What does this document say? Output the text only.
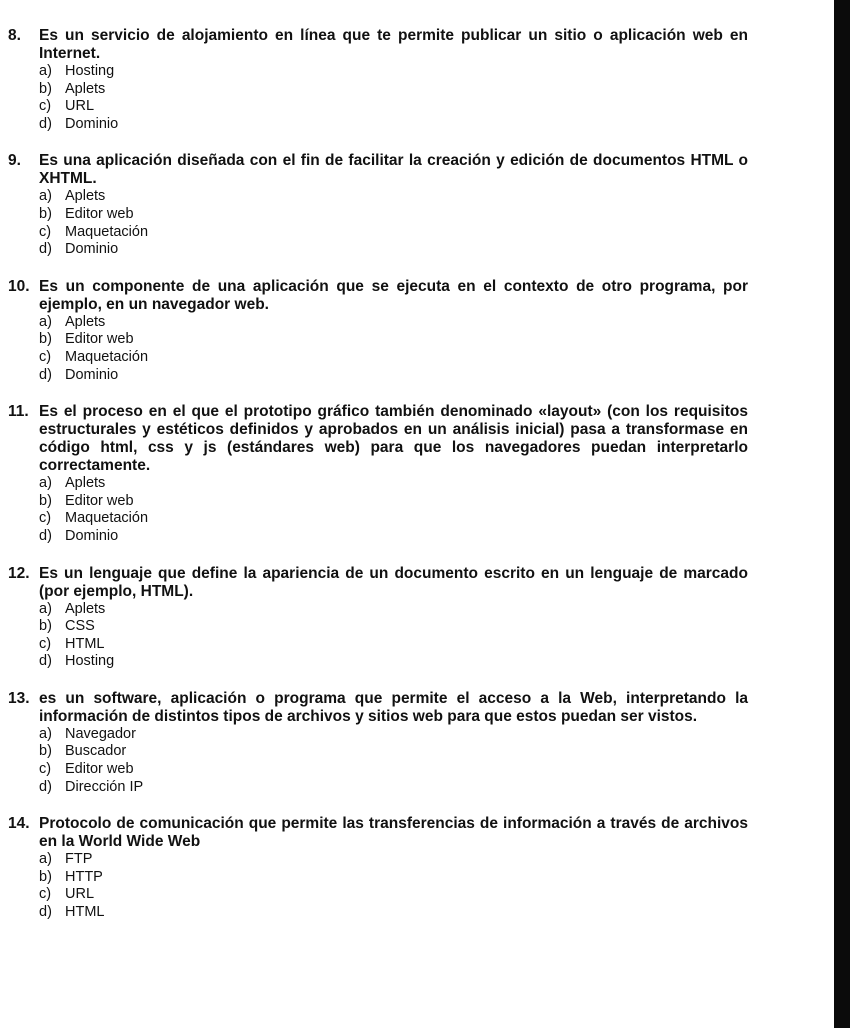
8.	Es un servicio de alojamiento en línea que te permite publicar un sitio o aplicación web en Internet.
a) Hosting
b) Aplets
c) URL
d) Dominio
9.	Es una aplicación diseñada con el fin de facilitar la creación y edición de documentos HTML o XHTML.
a) Aplets
b) Editor web
c) Maquetación
d) Dominio
10. Es un componente de una aplicación que se ejecuta en el contexto de otro programa, por ejemplo, en un navegador web.
a) Aplets
b) Editor web
c) Maquetación
d) Dominio
11. Es el proceso en el que el prototipo gráfico también denominado «layout» (con los requisitos estructurales y estéticos definidos y aprobados en un análisis inicial) pasa a transformase en código html, css y js (estándares web) para que los navegadores puedan interpretarlo correctamente.
a) Aplets
b) Editor web
c) Maquetación
d) Dominio
12. Es un lenguaje que define la apariencia de un documento escrito en un lenguaje de marcado (por ejemplo, HTML).
a) Aplets
b) CSS
c) HTML
d) Hosting
13. es un software, aplicación o programa que permite el acceso a la Web, interpretando la información de distintos tipos de archivos y sitios web para que estos puedan ser vistos.
a) Navegador
b) Buscador
c) Editor web
d) Dirección IP
14. Protocolo de comunicación que permite las transferencias de información a través de archivos en la World Wide Web
a) FTP
b) HTTP
c) URL
d) HTML
